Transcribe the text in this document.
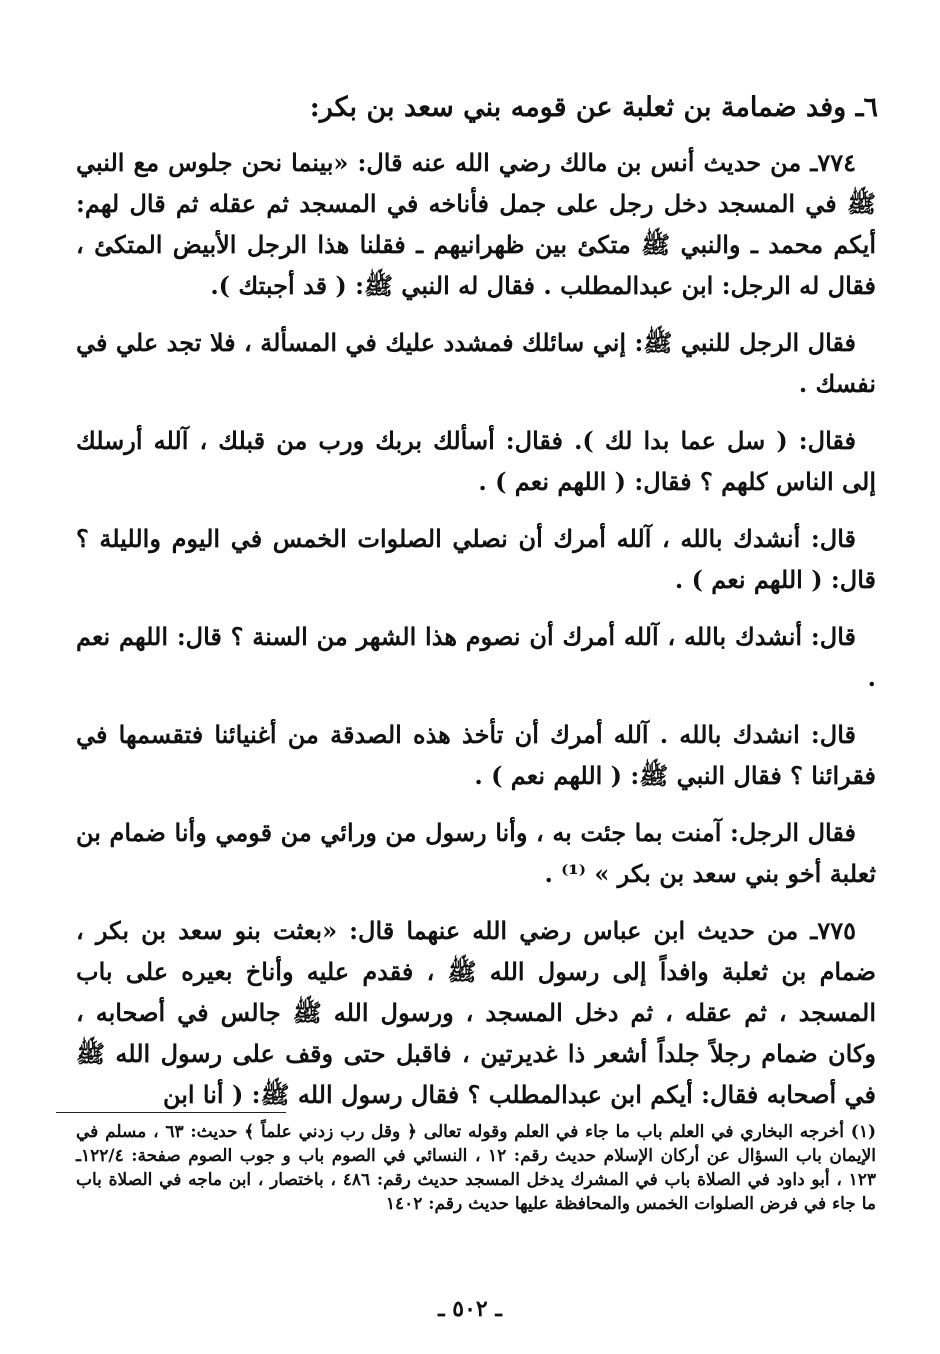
٦ـ وفد ضمامة بن ثعلبة عن قومه بني سعد بن بكر:

٧٧٤ـ من حديث أنس بن مالك رضي الله عنه قال: «بينما نحن جلوس مع النبي ﷺ في المسجد دخل رجل على جمل فأناخه في المسجد ثم عقله ثم قال لهم: أيكم محمد ـ والنبي ﷺ متكئ بين ظهرانيهم ـ فقلنا هذا الرجل الأبيض المتكئ ، فقال له الرجل: ابن عبدالمطلب . فقال له النبي ﷺ: ( قد أجبتك ).

فقال الرجل للنبي ﷺ: إني سائلك فمشدد عليك في المسألة ، فلا تجد علي في نفسك .

فقال: ( سل عما بدا لك ). فقال: أسألك بربك ورب من قبلك ، آلله أرسلك إلى الناس كلهم ؟ فقال: ( اللهم نعم ) .

قال: أنشدك بالله ، آلله أمرك أن نصلي الصلوات الخمس في اليوم والليلة ؟ قال: ( اللهم نعم ) .

قال: أنشدك بالله ، آلله أمرك أن نصوم هذا الشهر من السنة ؟ قال: اللهم نعم .

قال: انشدك بالله . آلله أمرك أن تأخذ هذه الصدقة من أغنيائنا فتقسمها في فقرائنا ؟ فقال النبي ﷺ: ( اللهم نعم ) .

فقال الرجل: آمنت بما جئت به ، وأنا رسول من ورائي من قومي وأنا ضمام بن ثعلبة أخو بني سعد بن بكر » ⁽¹⁾ .

٧٧٥ـ من حديث ابن عباس رضي الله عنهما قال: «بعثت بنو سعد بن بكر ، ضمام بن ثعلبة وافداً إلى رسول الله ﷺ ، فقدم عليه وأناخ بعيره على باب المسجد ، ثم عقله ، ثم دخل المسجد ، ورسول الله ﷺ جالس في أصحابه ، وكان ضمام رجلاً جلداً أشعر ذا غديرتين ، فاقبل حتى وقف على رسول الله ﷺ في أصحابه فقال: أيكم ابن عبدالمطلب ؟ فقال رسول الله ﷺ: ( أنا ابن

(١) أخرجه البخاري في العلم باب ما جاء في العلم وقوله تعالى ﴿ وقل رب زدني علماً ﴾ حديث: ٦٣ ، مسلم في الإيمان باب السؤال عن أركان الإسلام حديث رقم: ١٢ ، النسائي في الصوم باب و جوب الصوم صفحة: ١٢٢/٤ـ ١٢٣ ، أبو داود في الصلاة باب في المشرك يدخل المسجد حديث رقم: ٤٨٦ ، باختصار ، ابن ماجه في الصلاة باب ما جاء في فرض الصلوات الخمس والمحافظة عليها حديث رقم: ١٤٠٢
ـ ٥٠٢ ـ
